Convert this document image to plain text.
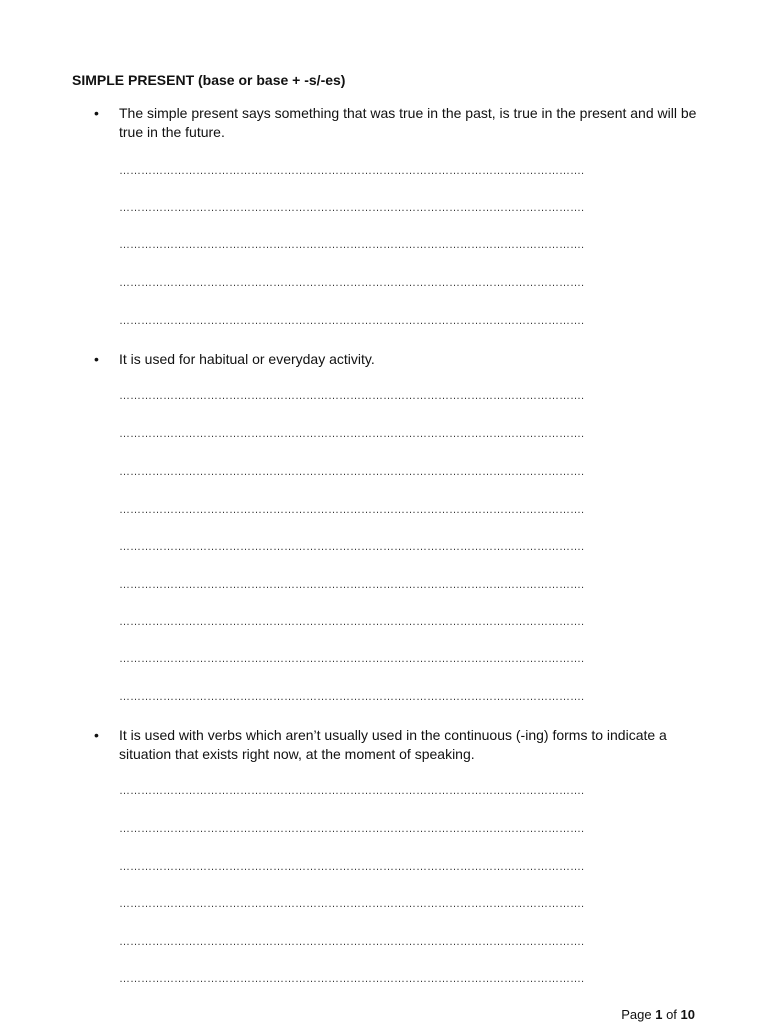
SIMPLE PRESENT (base or base + -s/-es)
• The simple present says something that was true in the past, is true in the present and will be true in the future.
……………………………………………………………………………………………………………….
……………………………………………………………………………………………………………….
……………………………………………………………………………………………………………….
……………………………………………………………………………………………………………….
……………………………………………………………………………………………………………….
• It is used for habitual or everyday activity.
……………………………………………………………………………………………………………….
……………………………………………………………………………………………………………….
……………………………………………………………………………………………………………….
……………………………………………………………………………………………………………….
……………………………………………………………………………………………………………….
……………………………………………………………………………………………………………….
……………………………………………………………………………………………………………….
……………………………………………………………………………………………………………….
……………………………………………………………………………………………………………….
• It is used with verbs which aren’t usually used in the continuous (-ing) forms to indicate a situation that exists right now, at the moment of speaking.
……………………………………………………………………………………………………………….
……………………………………………………………………………………………………………….
……………………………………………………………………………………………………………….
……………………………………………………………………………………………………………….
……………………………………………………………………………………………………………….
……………………………………………………………………………………………………………….
Page 1 of 10
